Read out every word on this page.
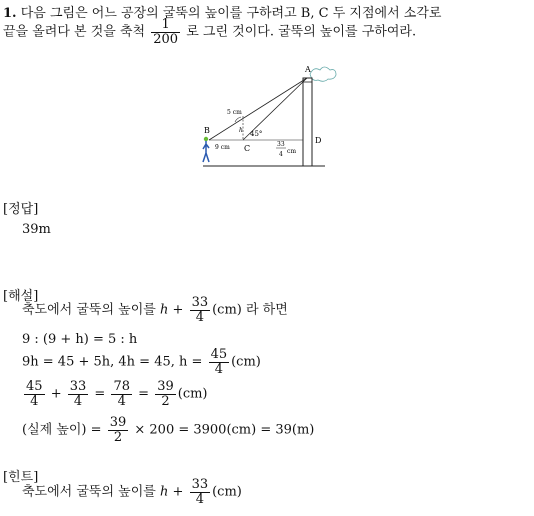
1. 다음 그림은 어느 공장의 굴뚝의 높이를 구하려고 B, C 두 지점에서 소각로
끝을 올려다 본 것을 축척 $\frac{1}{200}$ 로 그린 것이다. 굴뚝의 높이를 구하여라.
A
B
C
D
h
9 cm
5 cm
45°
33
4 cm
[정답]
39m
[해설]
축도에서 굴뚝의 높이를 $h + \frac{33}{4} (cm)$ 라 하면
9 : (9 + h) = 5 : h
9h = 45 + 5h, 4h = 45, $h = \frac{45}{4} (cm)$
$\frac{45}{4} + \frac{33}{4} = \frac{78}{4} = \frac{39}{2} (cm)$
(실제 높이) = $\frac{39}{2} \times 200 = 3900(cm) = 39(m)$
[힌트]
축도에서 굴뚝의 높이를 $h + \frac{33}{4} (cm)$
